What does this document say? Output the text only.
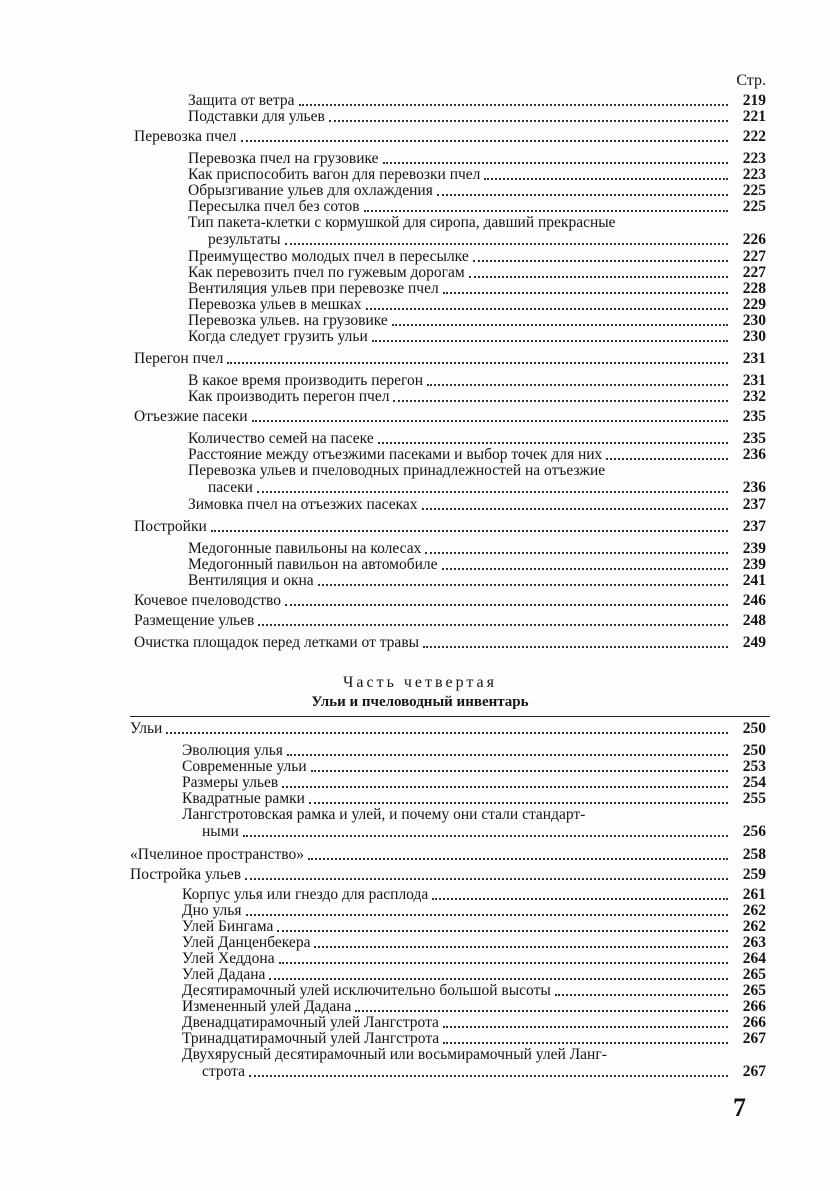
Стр.
Защита от ветра	219
Подставки для ульев	221
Перевозка пчел	222
Перевозка пчел на грузовике	223
Как приспособить вагон для перевозки пчел	223
Обрызгивание ульев для охлаждения	225
Пересылка пчел без сотов	225
Тип пакета-клетки с кормушкой для сиропа, давший прекрасные
результаты	226
Преимущество молодых пчел в пересылке	227
Как перевозить пчел по гужевым дорогам	227
Вентиляция ульев при перевозке пчел	228
Перевозка ульев в мешках	229
Перевозка ульев. на грузовике	230
Когда следует грузить ульи	230
Перегон пчел	231
В какое время производить перегон	231
Как производить перегон пчел	232
Отъезжие пасеки	235
Количество семей на пасеке	235
Расстояние между отъезжими пасеками и выбор точек для них	236
Перевозка ульев и пчеловодных принадлежностей на отъезжие
пасеки	236
Зимовка пчел на отъезжих пасеках	237
Постройки	237
Медогонные павильоны на колесах	239
Медогонный павильон на автомобиле	239
Вентиляция и окна	241
Кочевое пчеловодство	246
Размещение ульев	248
Очистка площадок перед летками от травы	249
Часть четвертая
Ульи и пчеловодный инвентарь
Ульи	250
Эволюция улья	250
Современные ульи	253
Размеры ульев	254
Квадратные рамки	255
Лангстротовская рамка и улей, и почему они стали стандарт-
ными	256
«Пчелиное пространство»	258
Постройка ульев	259
Корпус улья или гнездо для расплода	261
Дно улья	262
Улей Бингама	262
Улей Данценбекера	263
Улей Хеддона	264
Улей Дадана	265
Десятирамочный улей исключительно большой высоты	265
Измененный улей Дадана	266
Двенадцатирамочный улей Лангстрота	266
Тринадцатирамочный улей Лангстрота	267
Двухярусный десятирамочный или восьмирамочный улей Ланг-
строта	267
7
